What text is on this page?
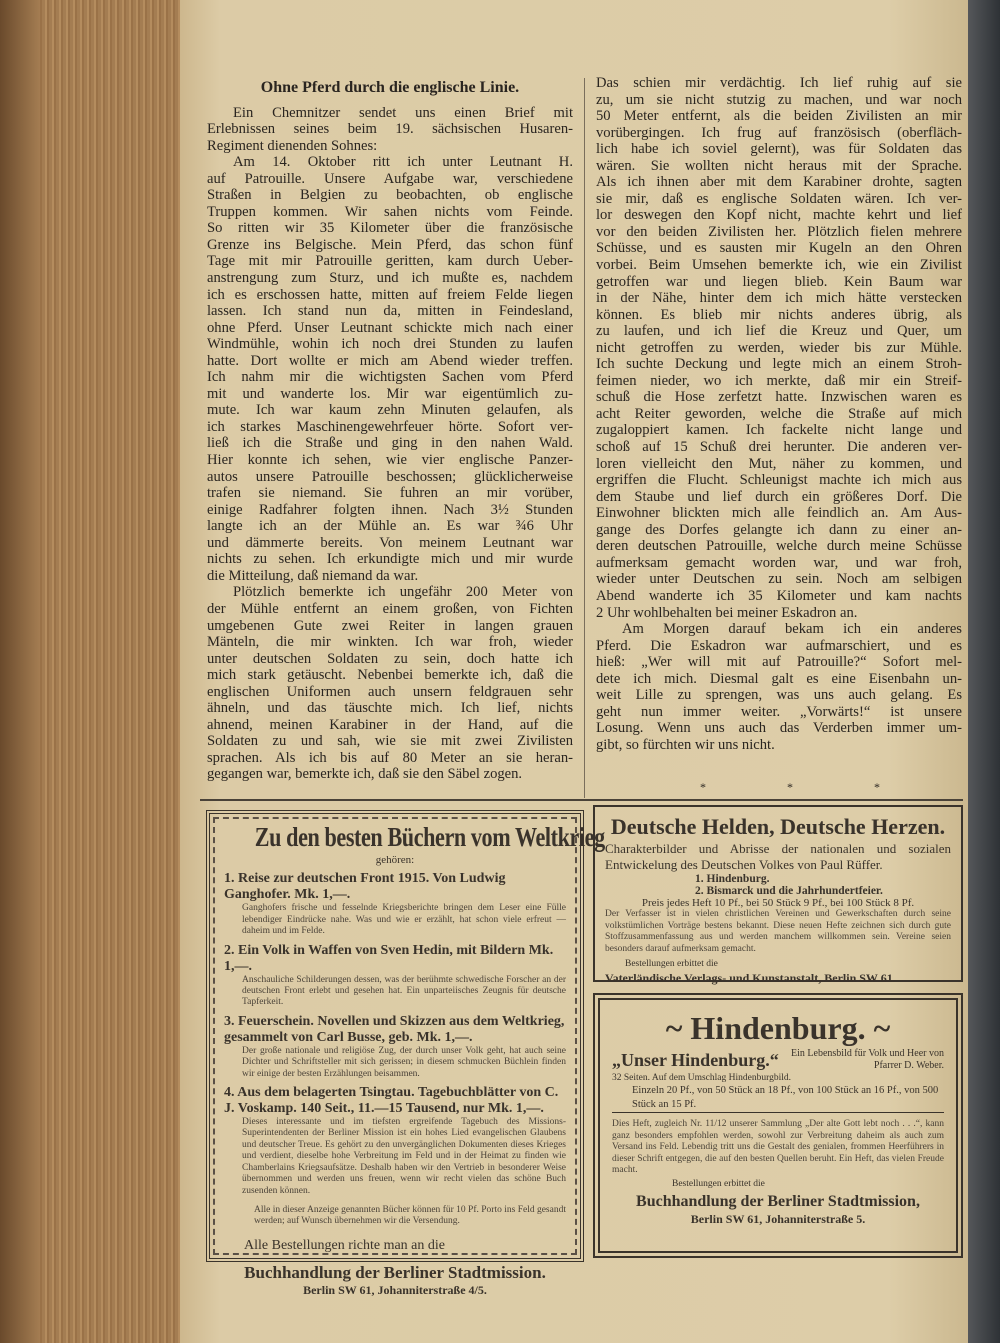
Ohne Pferd durch die englische Linie.
Ein Chemnitzer sendet uns einen Brief mit
Erlebnissen seines beim 19. sächsischen Husaren-
Regiment dienenden Sohnes:
Am 14. Oktober ritt ich unter Leutnant H.
auf Patrouille. Unsere Aufgabe war, verschiedene
Straßen in Belgien zu beobachten, ob englische
Truppen kommen. Wir sahen nichts vom Feinde.
So ritten wir 35 Kilometer über die französische
Grenze ins Belgische. Mein Pferd, das schon fünf
Tage mit mir Patrouille geritten, kam durch Ueber-
anstrengung zum Sturz, und ich mußte es, nachdem
ich es erschossen hatte, mitten auf freiem Felde liegen
lassen. Ich stand nun da, mitten in Feindesland,
ohne Pferd. Unser Leutnant schickte mich nach einer
Windmühle, wohin ich noch drei Stunden zu laufen
hatte. Dort wollte er mich am Abend wieder treffen.
Ich nahm mir die wichtigsten Sachen vom Pferd
mit und wanderte los. Mir war eigentümlich zu-
mute. Ich war kaum zehn Minuten gelaufen, als
ich starkes Maschinengewehrfeuer hörte. Sofort ver-
ließ ich die Straße und ging in den nahen Wald.
Hier konnte ich sehen, wie vier englische Panzer-
autos unsere Patrouille beschossen; glücklicherweise
trafen sie niemand. Sie fuhren an mir vorüber,
einige Radfahrer folgten ihnen. Nach 3½ Stunden
langte ich an der Mühle an. Es war ¾6 Uhr
und dämmerte bereits. Von meinem Leutnant war
nichts zu sehen. Ich erkundigte mich und mir wurde
die Mitteilung, daß niemand da war.
Plötzlich bemerkte ich ungefähr 200 Meter von
der Mühle entfernt an einem großen, von Fichten
umgebenen Gute zwei Reiter in langen grauen
Mänteln, die mir winkten. Ich war froh, wieder
unter deutschen Soldaten zu sein, doch hatte ich
mich stark getäuscht. Nebenbei bemerkte ich, daß die
englischen Uniformen auch unsern feldgrauen sehr
ähneln, und das täuschte mich. Ich lief, nichts
ahnend, meinen Karabiner in der Hand, auf die
Soldaten zu und sah, wie sie mit zwei Zivilisten
sprachen. Als ich bis auf 80 Meter an sie heran-
gegangen war, bemerkte ich, daß sie den Säbel zogen.
Das schien mir verdächtig. Ich lief ruhig auf sie
zu, um sie nicht stutzig zu machen, und war noch
50 Meter entfernt, als die beiden Zivilisten an mir
vorübergingen. Ich frug auf französisch (oberfläch-
lich habe ich soviel gelernt), was für Soldaten das
wären. Sie wollten nicht heraus mit der Sprache.
Als ich ihnen aber mit dem Karabiner drohte, sagten
sie mir, daß es englische Soldaten wären. Ich ver-
lor deswegen den Kopf nicht, machte kehrt und lief
vor den beiden Zivilisten her. Plötzlich fielen mehrere
Schüsse, und es sausten mir Kugeln an den Ohren
vorbei. Beim Umsehen bemerkte ich, wie ein Zivilist
getroffen war und liegen blieb. Kein Baum war
in der Nähe, hinter dem ich mich hätte verstecken
können. Es blieb mir nichts anderes übrig, als
zu laufen, und ich lief die Kreuz und Quer, um
nicht getroffen zu werden, wieder bis zur Mühle.
Ich suchte Deckung und legte mich an einem Stroh-
feimen nieder, wo ich merkte, daß mir ein Streif-
schuß die Hose zerfetzt hatte. Inzwischen waren es
acht Reiter geworden, welche die Straße auf mich
zugaloppiert kamen. Ich fackelte nicht lange und
schoß auf 15 Schuß drei herunter. Die anderen ver-
loren vielleicht den Mut, näher zu kommen, und
ergriffen die Flucht. Schleunigst machte ich mich aus
dem Staube und lief durch ein größeres Dorf. Die
Einwohner blickten mich alle feindlich an. Am Aus-
gange des Dorfes gelangte ich dann zu einer an-
deren deutschen Patrouille, welche durch meine Schüsse
aufmerksam gemacht worden war, und war froh,
wieder unter Deutschen zu sein. Noch am selbigen
Abend wanderte ich 35 Kilometer und kam nachts
2 Uhr wohlbehalten bei meiner Eskadron an.
Am Morgen darauf bekam ich ein anderes
Pferd. Die Eskadron war aufmarschiert, und es
hieß: „Wer will mit auf Patrouille?“ Sofort mel-
dete ich mich. Diesmal galt es eine Eisenbahn un-
weit Lille zu sprengen, was uns auch gelang. Es
geht nun immer weiter. „Vorwärts!“ ist unsere
Losung. Wenn uns auch das Verderben immer um-
gibt, so fürchten wir uns nicht.
*	*	*
Zu den besten Büchern vom Weltkrieg
gehören:
1. Reise zur deutschen Front 1915. Von Ludwig Ganghofer. Mk. 1,—.
Ganghofers frische und fesselnde Kriegsberichte bringen dem Leser eine Fülle lebendiger Eindrücke nahe. Was und wie er erzählt, hat schon viele erfreut — daheim und im Felde.
2. Ein Volk in Waffen von Sven Hedin, mit Bildern Mk. 1,—.
Anschauliche Schilderungen dessen, was der berühmte schwedische Forscher an der deutschen Front erlebt und gesehen hat. Ein unparteiisches Zeugnis für deutsche Tapferkeit.
3. Feuerschein. Novellen und Skizzen aus dem Weltkrieg, gesammelt von Carl Busse, geb. Mk. 1,—.
Der große nationale und religiöse Zug, der durch unser Volk geht, hat auch seine Dichter und Schriftsteller mit sich gerissen; in diesem schmucken Büchlein finden wir einige der besten Erzählungen beisammen.
4. Aus dem belagerten Tsingtau. Tagebuchblätter von C. J. Voskamp. 140 Seit., 11.—15 Tausend, nur Mk. 1,—.
Dieses interessante und im tiefsten ergreifende Tagebuch des Missions-Superintendenten der Berliner Mission ist ein hohes Lied evangelischen Glaubens und deutscher Treue. Es gehört zu den unvergänglichen Dokumenten dieses Krieges und verdient, dieselbe hohe Verbreitung im Feld und in der Heimat zu finden wie Chamberlains Kriegsaufsätze. Deshalb haben wir den Vertrieb in besonderer Weise übernommen und werden uns freuen, wenn wir recht vielen das schöne Buch zusenden können.
Alle in dieser Anzeige genannten Bücher können für 10 Pf. Porto ins Feld gesandt werden; auf Wunsch übernehmen wir die Versendung.
Alle Bestellungen richte man an die
Buchhandlung der Berliner Stadtmission.
Berlin SW 61, Johanniterstraße 4/5.
Deutsche Helden, Deutsche Herzen.
Charakterbilder und Abrisse der nationalen und sozialen Entwickelung des Deutschen Volkes von Paul Rüffer.
1. Hindenburg.
2. Bismarck und die Jahrhundertfeier.
Preis jedes Heft 10 Pf., bei 50 Stück 9 Pf., bei 100 Stück 8 Pf.
Der Verfasser ist in vielen christlichen Vereinen und Gewerkschaften durch seine volkstümlichen Vorträge bestens bekannt. Diese neuen Hefte zeichnen sich durch gute Stoffzusammenfassung aus und werden manchem willkommen sein. Vereine seien besonders darauf aufmerksam gemacht.
Bestellungen erbittet die
Vaterländische Verlags- und Kunstanstalt, Berlin SW 61.
~ Hindenburg. ~
„Unser Hindenburg.“	Ein Lebensbild für Volk und Heer von Pfarrer D. Weber.
32 Seiten. Auf dem Umschlag Hindenburgbild.
Einzeln 20 Pf., von 50 Stück an 18 Pf., von 100 Stück an 16 Pf., von 500 Stück an 15 Pf.
Dies Heft, zugleich Nr. 11/12 unserer Sammlung „Der alte Gott lebt noch . . .“, kann ganz besonders empfohlen werden, sowohl zur Verbreitung daheim als auch zum Versand ins Feld. Lebendig tritt uns die Gestalt des genialen, frommen Heerführers in dieser Schrift entgegen, die auf den besten Quellen beruht. Ein Heft, das vielen Freude macht.
Bestellungen erbittet die
Buchhandlung der Berliner Stadtmission,
Berlin SW 61, Johanniterstraße 5.
